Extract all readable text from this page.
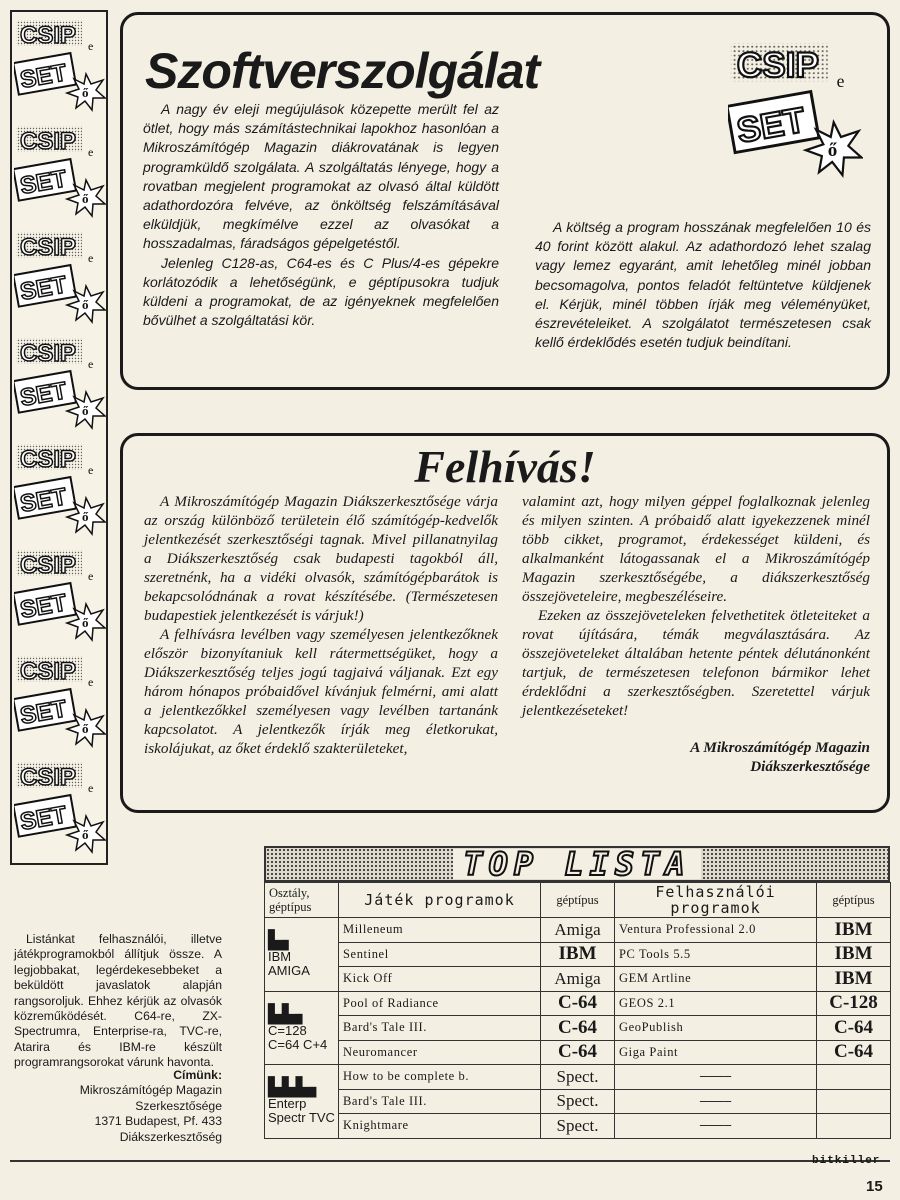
CSIP e
SET ő
CSIP e
SET ő
CSIP e
SET ő
CSIP e
SET ő
CSIP e
SET ő
CSIP e
SET ő
CSIP e
SET ő
CSIP e
SET ő
Szoftverszolgálat

A nagy év eleji megújulások közepette merült fel az ötlet, hogy más számítástechnikai lapokhoz hasonlóan a Mikroszámítógép Magazin diákrovatának is legyen programküldő szolgálata. A szolgáltatás lényege, hogy a rovatban megjelent programokat az olvasó által küldött adathordozóra felvéve, az önköltség felszámításával elküldjük, megkímélve ezzel az olvasókat a hosszadalmas, fáradságos gépelgetéstől.

Jelenleg C128-as, C64-es és C Plus/4-es gépekre korlátozódik a lehetőségünk, e géptípusokra tudjuk küldeni a programokat, de az igényeknek megfelelően bővülhet a szolgáltatási kör.

A költség a program hosszának megfelelően 10 és 40 forint között alakul. Az adathordozó lehet szalag vagy lemez egyaránt, amit lehetőleg minél jobban becsomagolva, pontos feladót feltüntetve küldjenek el. Kérjük, minél többen írják meg véleményüket, észrevételeiket. A szolgálatot természetesen csak kellő érdeklődés esetén tudjuk beindítani.

CSIP e
SET ő
Felhívás!

A Mikroszámítógép Magazin Diákszerkesztősége várja az ország különböző területein élő számítógép-kedvelők jelentkezését szerkesztőségi tagnak. Mivel pillanatnyilag a Diákszerkesztőség csak budapesti tagokból áll, szeretnénk, ha a vidéki olvasók, számítógépbarátok is bekapcsolódnának a rovat készítésébe. (Természetesen budapestiek jelentkezését is várjuk!)

A felhívásra levélben vagy személyesen jelentkezőknek először bizonyítaniuk kell rátermettségüket, hogy a Diákszerkesztőség teljes jogú tagjaivá váljanak. Ezt egy három hónapos próbaidővel kívánjuk felmérni, ami alatt a jelentkezőkkel személyesen vagy levélben tartanánk kapcsolatot. A jelentkezők írják meg életkorukat, iskolájukat, az őket érdeklő szakterületeket,

valamint azt, hogy milyen géppel foglalkoznak jelenleg és milyen szinten. A próbaidő alatt igyekezzenek minél több cikket, programot, érdekességet küldeni, és alkalmanként látogassanak el a Mikroszámítógép Magazin szerkesztőségébe, a diákszerkesztőség összejöveteleire, megbeszéléseire.

Ezeken az összejöveteleken felvethetitek ötleteiteket a rovat újítására, témák megválasztására. Az összejöveteleket általában hetente péntek délutánonként tartjuk, de természetesen telefonon bármikor lehet érdeklődni a szerkesztőségben. Szeretettel várjuk jelentkezéseteket!

A Mikroszámítógép Magazin
Diákszerkesztősége

Listánkat felhasználói, illetve játékprogramokból állítjuk össze. A legjobbakat, legérdekesebbeket a beküldött javaslatok alapján rangsoroljuk. Ehhez kérjük az olvasók közreműködését. C64-re, ZX-Spectrumra, Enterprise-ra, TVC-re, Atarira és IBM-re készült programrangsorokat várunk havonta.

Címünk:
Mikroszámítógép Magazin
Szerkesztősége
1371 Budapest, Pf. 433
Diákszerkesztőség
TOP LISTA
Osztály, géptípus	Játék programok	géptípus	Felhasználói programok	géptípus

▙▖
IBM AMIGA	Milleneum	Amiga	Ventura Professional 2.0	IBM
	Sentinel	IBM	PC Tools 5.5	IBM
	Kick Off	Amiga	GEM Artline	IBM

▙▙▖
C=128 C=64 C+4	Pool of Radiance	C-64	GEOS 2.1	C-128
	Bard's Tale III.	C-64	GeoPublish	C-64
	Neuromancer	C-64	Giga Paint	C-64

▙▙▙▖
Enterp Spectr TVC	How to be complete b.	Spect.	————	
	Bard's Tale III.	Spect.	————	
	Knightmare	Spect.	————	
bitkiller
15
